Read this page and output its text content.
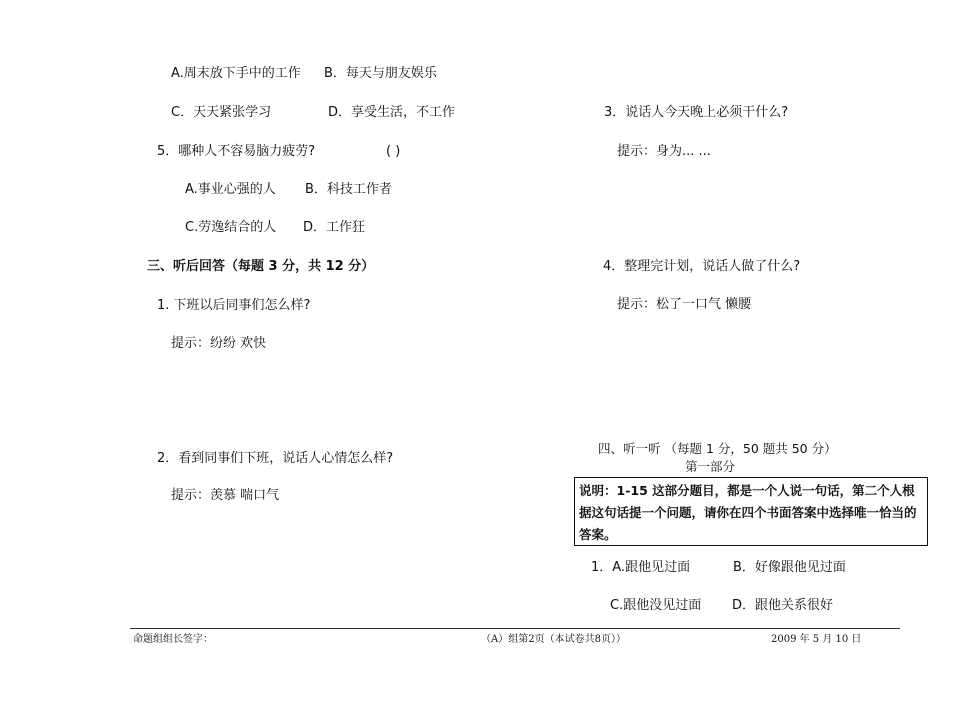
A.周末放下手中的工作 B．每天与朋友娱乐
C．天天紧张学习	D．享受生活，不工作
5．哪种人不容易脑力疲劳?	( )
A.事业心强的人 B．科技工作者
C.劳逸结合的人 D．工作狂
三、听后回答（每题 3 分，共 12 分）
1. 下班以后同事们怎么样?
提示：纷纷 欢快
2．看到同事们下班，说话人心情怎么样?
提示：羡慕 喘口气
3．说话人今天晚上必须干什么?
提示：身为... ...
4．整理完计划，说话人做了什么?
提示：松了一口气 懒腰
四、听一听 （每题 1 分，50 题共 50 分）
第一部分
说明：1-15 这部分题目，都是一个人说一句话，第二个人根据这句话提一个问题，请你在四个书面答案中选择唯一恰当的答案。
1．A.跟他见过面	B．好像跟他见过面
C.跟他没见过面 D．跟他关系很好
命题组组长签字：	（A）组第2页（本试卷共8页））	2009 年 5 月 10 日
